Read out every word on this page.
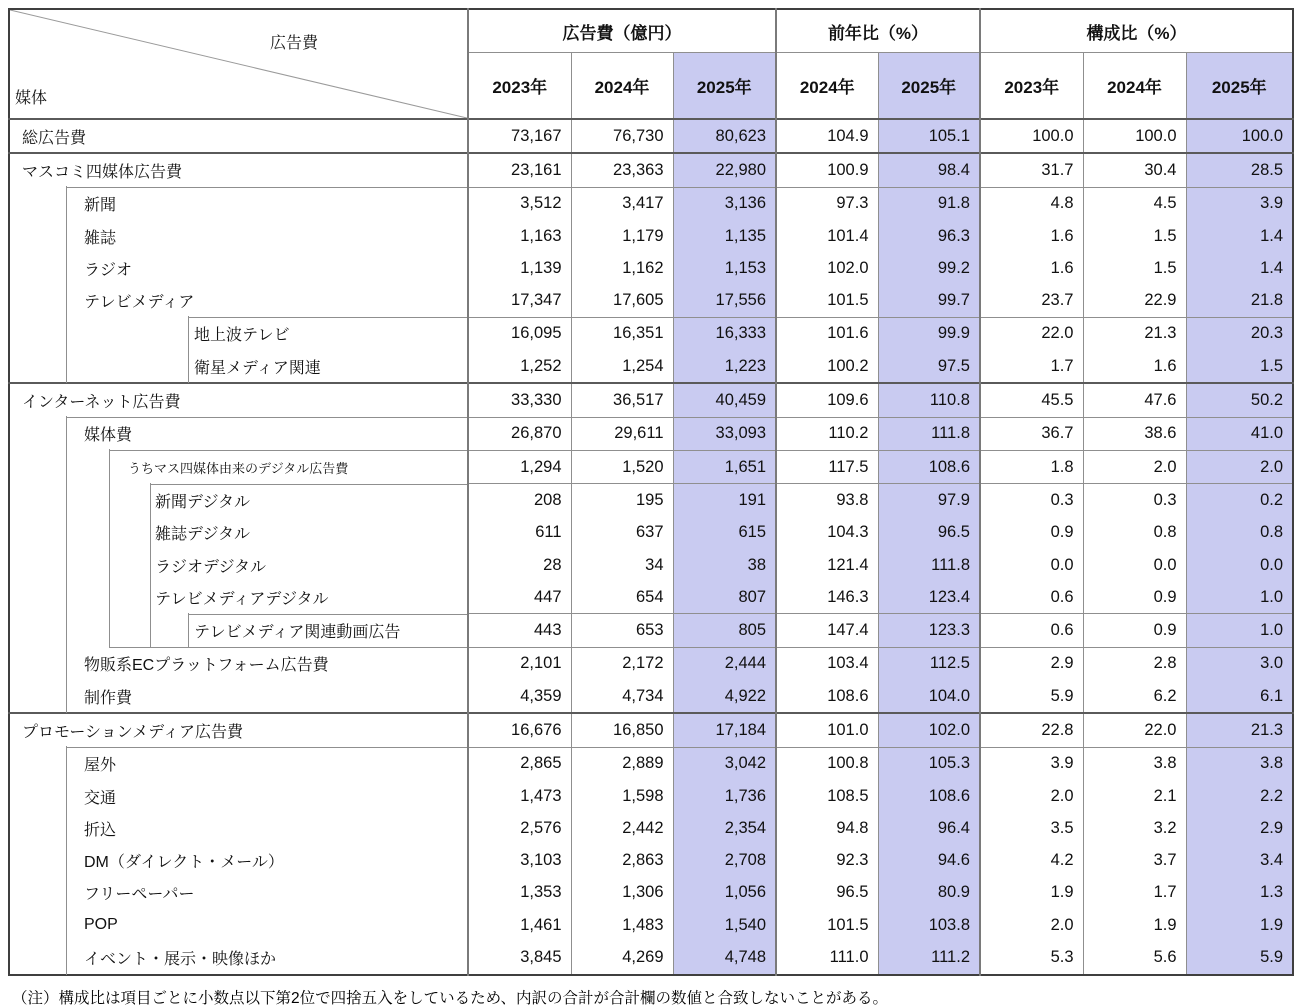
広告費
媒体	広告費（億円）			前年比（%）		構成比（%）		
	2023年	2024年	2025年	2024年	2025年	2023年	2024年	2025年
総広告費	73,167	76,730	80,623	104.9	105.1	100.0	100.0	100.0
マスコミ四媒体広告費	23,161	23,363	22,980	100.9	98.4	31.7	30.4	28.5
新聞	3,512	3,417	3,136	97.3	91.8	4.8	4.5	3.9
雑誌	1,163	1,179	1,135	101.4	96.3	1.6	1.5	1.4
ラジオ	1,139	1,162	1,153	102.0	99.2	1.6	1.5	1.4
テレビメディア	17,347	17,605	17,556	101.5	99.7	23.7	22.9	21.8
地上波テレビ	16,095	16,351	16,333	101.6	99.9	22.0	21.3	20.3
衛星メディア関連	1,252	1,254	1,223	100.2	97.5	1.7	1.6	1.5
インターネット広告費	33,330	36,517	40,459	109.6	110.8	45.5	47.6	50.2
媒体費	26,870	29,611	33,093	110.2	111.8	36.7	38.6	41.0
うちマス四媒体由来のデジタル広告費	1,294	1,520	1,651	117.5	108.6	1.8	2.0	2.0
新聞デジタル	208	195	191	93.8	97.9	0.3	0.3	0.2
雑誌デジタル	611	637	615	104.3	96.5	0.9	0.8	0.8
ラジオデジタル	28	34	38	121.4	111.8	0.0	0.0	0.0
テレビメディアデジタル	447	654	807	146.3	123.4	0.6	0.9	1.0
テレビメディア関連動画広告	443	653	805	147.4	123.3	0.6	0.9	1.0
物販系ECプラットフォーム広告費	2,101	2,172	2,444	103.4	112.5	2.9	2.8	3.0
制作費	4,359	4,734	4,922	108.6	104.0	5.9	6.2	6.1
プロモーションメディア広告費	16,676	16,850	17,184	101.0	102.0	22.8	22.0	21.3
屋外	2,865	2,889	3,042	100.8	105.3	3.9	3.8	3.8
交通	1,473	1,598	1,736	108.5	108.6	2.0	2.1	2.2
折込	2,576	2,442	2,354	94.8	96.4	3.5	3.2	2.9
DM（ダイレクト・メール）	3,103	2,863	2,708	92.3	94.6	4.2	3.7	3.4
フリーペーパー	1,353	1,306	1,056	96.5	80.9	1.9	1.7	1.3
POP	1,461	1,483	1,540	101.5	103.8	2.0	1.9	1.9
イベント・展示・映像ほか	3,845	4,269	4,748	111.0	111.2	5.3	5.6	5.9
（注）構成比は項目ごとに小数点以下第2位で四捨五入をしているため、内訳の合計が合計欄の数値と合致しないことがある。
